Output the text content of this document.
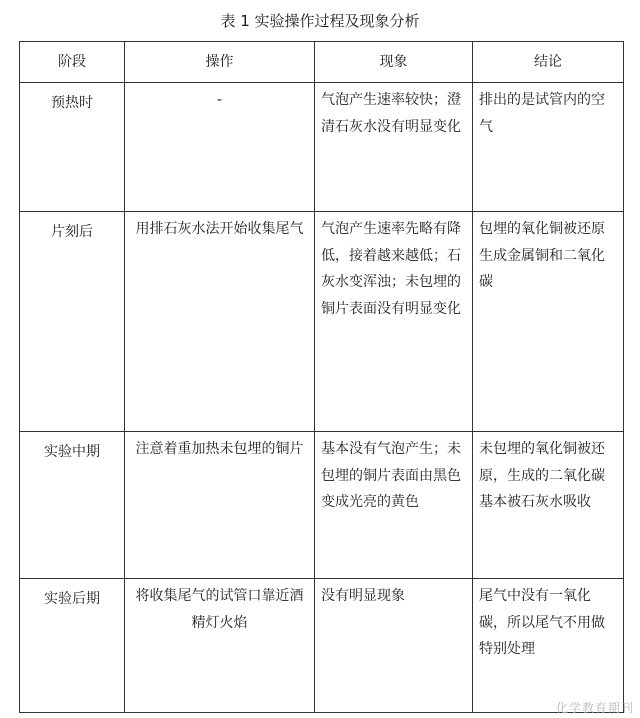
表 1 实验操作过程及现象分析
阶段	操作	现象	结论
预热时	-	气泡产生速率较快；澄清石灰水没有明显变化	排出的是试管内的空气
片刻后	用排石灰水法开始收集尾气	气泡产生速率先略有降低，接着越来越低；石灰水变浑浊；未包埋的铜片表面没有明显变化	包埋的氧化铜被还原生成金属铜和二氧化碳
实验中期	注意着重加热未包埋的铜片	基本没有气泡产生；未包埋的铜片表面由黑色变成光亮的黄色	未包埋的氧化铜被还原，生成的二氧化碳基本被石灰水吸收
实验后期	将收集尾气的试管口靠近酒精灯火焰	没有明显现象	尾气中没有一氧化碳，所以尾气不用做特别处理
化学教育期刊
